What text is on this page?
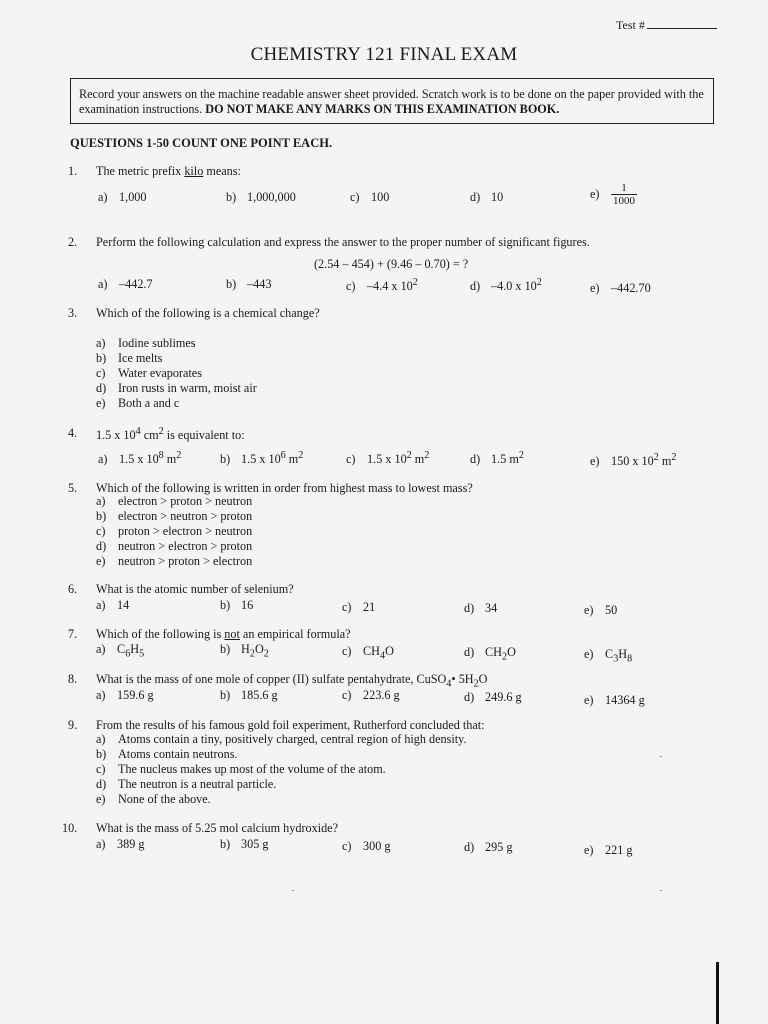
Test #
CHEMISTRY 121 FINAL EXAM
Record your answers on the machine readable answer sheet provided. Scratch work is to be done on the paper provided with the examination instructions. DO NOT MAKE ANY MARKS ON THIS EXAMINATION BOOK.
QUESTIONS 1-50 COUNT ONE POINT EACH.
1.	The metric prefix kilo means:
a) 1,000	b) 1,000,000	c) 100	d) 10	$e) \frac{1}{1000}$
2.	Perform the following calculation and express the answer to the proper number of significant figures.
(2.54 – 454) + (9.46 – 0.70) = ?
a) –442.7	b) –443	c) –4.4 x $10^2$	d) –4.0 x $10^2$	e) –442.70
3.	Which of the following is a chemical change?
a) Iodine sublimes
b) Ice melts
c) Water evaporates
d) Iron rusts in warm, moist air
e) Both a and c
4.	1.5 x $10^4$ $cm^2$ is equivalent to:
a) 1.5 x $10^8$ $m^2$	b) 1.5 x $10^6$ $m^2$	c) 1.5 x $10^2$ $m^2$	d) 1.5 $m^2$	e) 150 x $10^2$ $m^2$
5.	Which of the following is written in order from highest mass to lowest mass?
a) electron > proton > neutron
b) electron > neutron > proton
c) proton > electron > neutron
d) neutron > electron > proton
e) neutron > proton > electron
6.	What is the atomic number of selenium?
a) 14	b) 16	c) 21	d) 34	e) 50
7.	Which of the following is not an empirical formula?
a) $C_6H_5$	b) $H_2O_2$	c) $CH_4O$	d) $CH_2O$	e) $C_3H_8$
8.	What is the mass of one mole of copper (II) sulfate pentahydrate, CuSO$_4$• $5H_2O$
a) 159.6 g	b) 185.6 g	c) 223.6 g	d) 249.6 g	e) 14364 g
9.	From the results of his famous gold foil experiment, Rutherford concluded that:
a) Atoms contain a tiny, positively charged, central region of high density.
b) Atoms contain neutrons.
c) The nucleus makes up most of the volume of the atom.
d) The neutron is a neutral particle.
e) None of the above.
10.	What is the mass of 5.25 mol calcium hydroxide?
a) 389 g	b) 305 g	c) 300 g	d) 295 g	e) 221 g
